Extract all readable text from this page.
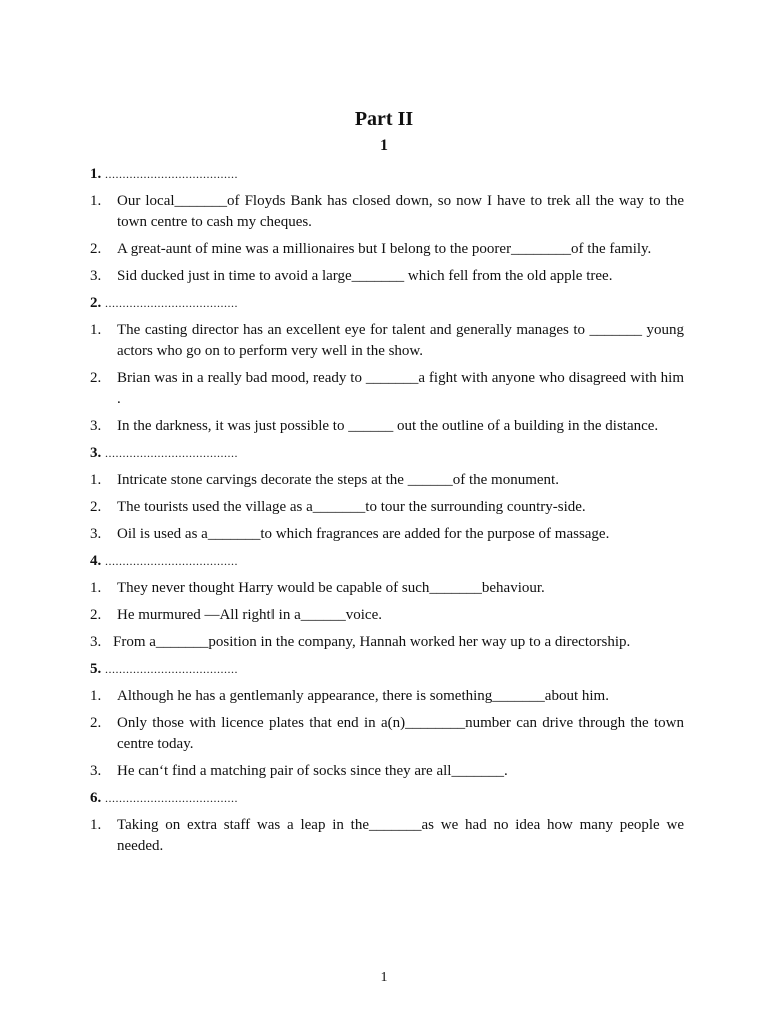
Part II
1
1. ......................................
1.	Our local_______of Floyds Bank has closed down, so now I have to trek all the way to the town centre to cash my cheques.
2.	A great-aunt of mine was a millionaires but I belong to the poorer________of the family.
3.	Sid ducked just in time to avoid a large_______ which fell from the old apple tree.
2. ......................................
1.	The casting director has an excellent eye for talent and generally manages to _______ young actors who go on to perform very well in the show.
2.	Brian was in a really bad mood, ready to _______a fight with anyone who disagreed with him .
3.	In the darkness, it was just possible to ______ out the outline of a building in the distance.
3. ......................................
1.	Intricate stone carvings decorate the steps at the ______of the monument.
2.	The tourists used the village as a_______to tour the surrounding country-side.
3.	Oil is used as a_______to which fragrances are added for the purpose of massage.
4. ......................................
1.	They never thought Harry would be capable of such_______behaviour.
2.	He murmured —All right‖ in a______voice.
3. From a_______position in the company, Hannah worked her way up to a directorship.
5. ......................................
1.	Although he has a gentlemanly appearance, there is something_______about him.
2.	Only those with licence plates that end in a(n)________number can drive through the town centre today.
3.	He can‘t find a matching pair of socks since they are all_______.
6. ......................................
1.	Taking on extra staff was a leap in the_______as we had no idea how many people we needed.
1
